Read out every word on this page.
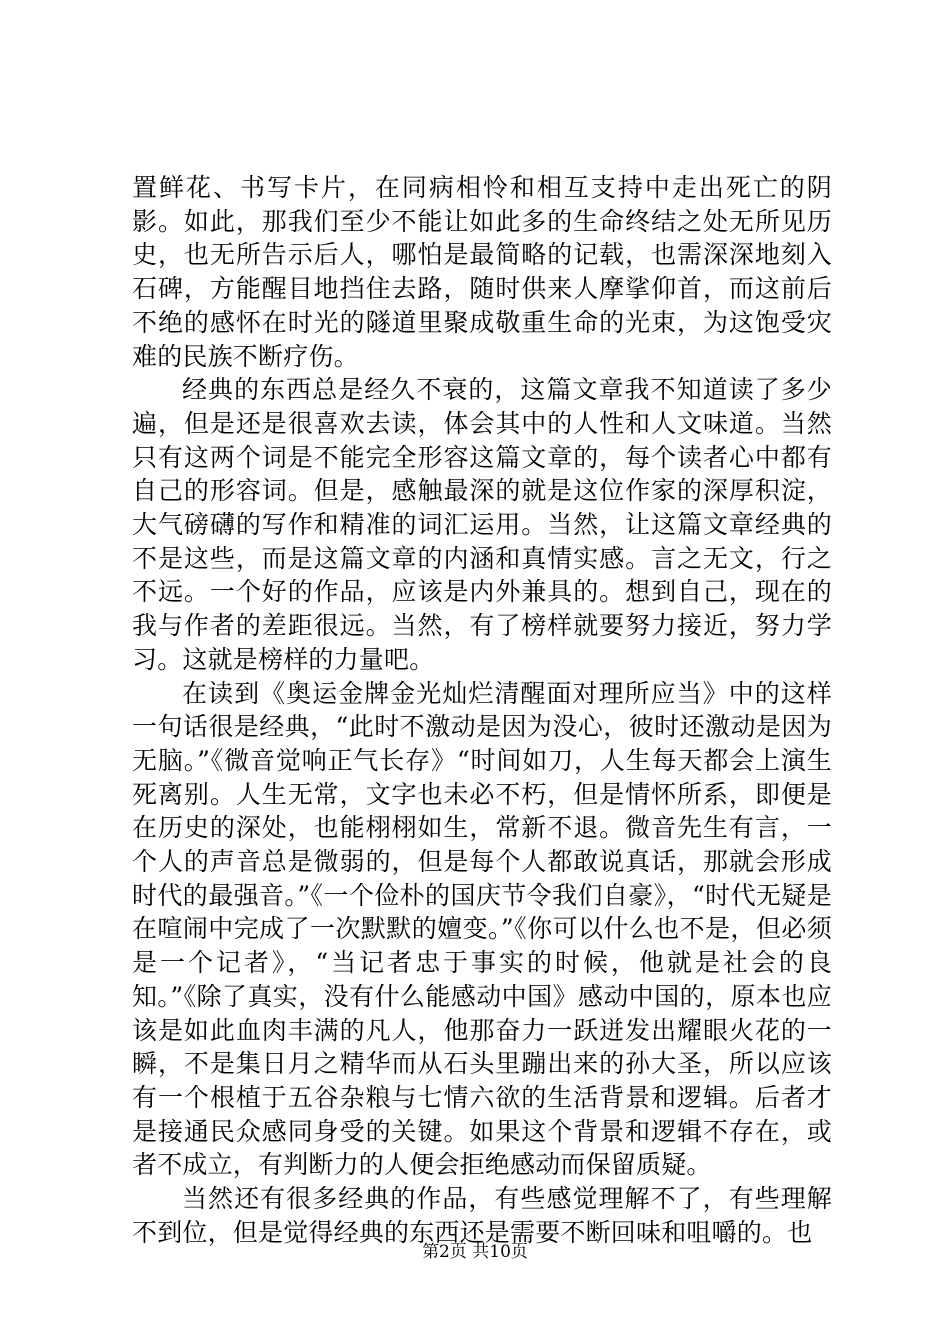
置鲜花、书写卡片，在同病相怜和相互支持中走出死亡的阴影。如此，那我们至少不能让如此多的生命终结之处无所见历史，也无所告示后人，哪怕是最简略的记载，也需深深地刻入石碑，方能醒目地挡住去路，随时供来人摩挲仰首，而这前后不绝的感怀在时光的隧道里聚成敬重生命的光束，为这饱受灾难的民族不断疗伤。

经典的东西总是经久不衰的，这篇文章我不知道读了多少遍，但是还是很喜欢去读，体会其中的人性和人文味道。当然只有这两个词是不能完全形容这篇文章的，每个读者心中都有自己的形容词。但是，感触最深的就是这位作家的深厚积淀，大气磅礴的写作和精准的词汇运用。当然，让这篇文章经典的不是这些，而是这篇文章的内涵和真情实感。言之无文，行之不远。一个好的作品，应该是内外兼具的。想到自己，现在的我与作者的差距很远。当然，有了榜样就要努力接近，努力学习。这就是榜样的力量吧。

在读到《奥运金牌金光灿烂清醒面对理所应当》中的这样一句话很是经典，“此时不激动是因为没心，彼时还激动是因为无脑。”《微音觉响正气长存》“时间如刀，人生每天都会上演生死离别。人生无常，文字也未必不朽，但是情怀所系，即便是在历史的深处，也能栩栩如生，常新不退。微音先生有言，一个人的声音总是微弱的，但是每个人都敢说真话，那就会形成时代的最强音。”《一个俭朴的国庆节令我们自豪》，“时代无疑是在喧闹中完成了一次默默的嬗变。”《你可以什么也不是，但必须是一个记者》，“当记者忠于事实的时候，他就是社会的良知。”《除了真实，没有什么能感动中国》感动中国的，原本也应该是如此血肉丰满的凡人，他那奋力一跃迸发出耀眼火花的一瞬，不是集日月之精华而从石头里蹦出来的孙大圣，所以应该有一个根植于五谷杂粮与七情六欲的生活背景和逻辑。后者才是接通民众感同身受的关键。如果这个背景和逻辑不存在，或者不成立，有判断力的人便会拒绝感动而保留质疑。

当然还有很多经典的作品，有些感觉理解不了，有些理解不到位，但是觉得经典的东西还是需要不断回味和咀嚼的。也

第2页 共10页
